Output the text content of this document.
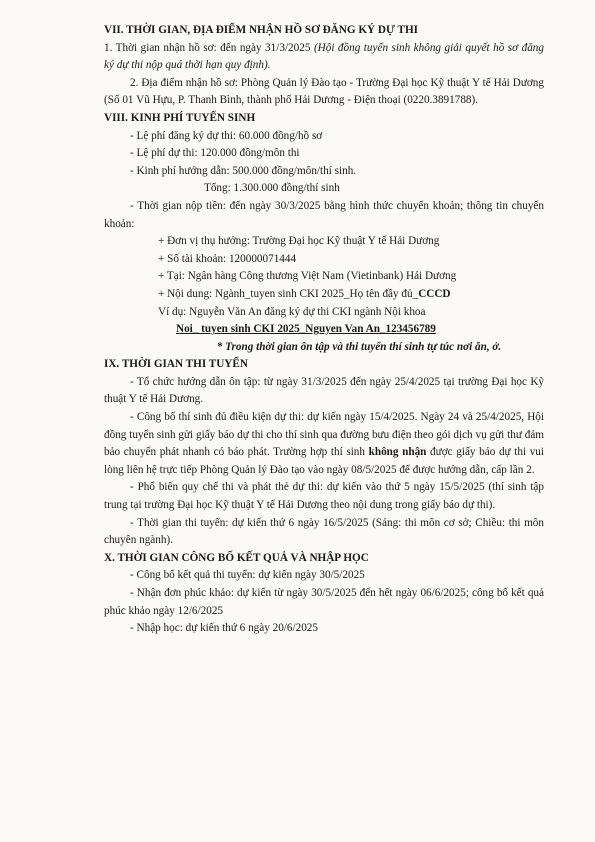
VII. THỜI GIAN, ĐỊA ĐIỂM NHẬN HỒ SƠ ĐĂNG KÝ DỰ THI

1. Thời gian nhận hồ sơ: đến ngày 31/3/2025 (Hội đồng tuyển sinh không giải quyết hồ sơ đăng ký dự thi nộp quá thời hạn quy định).

2. Địa điểm nhận hồ sơ: Phòng Quản lý Đào tạo - Trường Đại học Kỹ thuật Y tế Hải Dương (Số 01 Vũ Hựu, P. Thanh Bình, thành phố Hải Dương - Điện thoại (0220.3891788).

VIII. KINH PHÍ TUYỂN SINH

- Lệ phí đăng ký dự thi: 60.000 đồng/hồ sơ

- Lệ phí dự thi: 120.000 đồng/môn thi

- Kinh phí hướng dẫn: 500.000 đồng/môn/thí sinh.

Tổng: 1.300.000 đồng/thí sinh

- Thời gian nộp tiền: đến ngày 30/3/2025 bằng hình thức chuyển khoản; thông tin chuyển khoản:

+ Đơn vị thụ hưởng: Trường Đại học Kỹ thuật Y tế Hải Dương

+ Số tài khoản: 120000071444

+ Tại: Ngân hàng Công thương Việt Nam (Vietinbank) Hải Dương

+ Nội dung: Ngành_tuyen sinh CKI 2025_Họ tên đầy đủ_CCCD

Ví dụ: Nguyễn Văn An đăng ký dự thi CKI ngành Nội khoa

Noi_ tuyen sinh CKI 2025_Nguyen Van An_123456789

* Trong thời gian ôn tập và thi tuyển thí sinh tự túc nơi ăn, ở.

IX. THỜI GIAN THI TUYỂN

- Tổ chức hướng dẫn ôn tập: từ ngày 31/3/2025 đến ngày 25/4/2025 tại trường Đại học Kỹ thuật Y tế Hải Dương.

- Công bố thí sinh đủ điều kiện dự thi: dự kiến ngày 15/4/2025. Ngày 24 và 25/4/2025, Hội đồng tuyển sinh gửi giấy báo dự thi cho thí sinh qua đường bưu điện theo gói dịch vụ gửi thư đảm bảo chuyển phát nhanh có báo phát. Trường hợp thí sinh không nhận được giấy báo dự thi vui lòng liên hệ trực tiếp Phòng Quản lý Đào tạo vào ngày 08/5/2025 để được hướng dẫn, cấp lần 2.

- Phổ biến quy chế thi và phát thẻ dự thi: dự kiến vào thứ 5 ngày 15/5/2025 (thí sinh tập trung tại trường Đại học Kỹ thuật Y tế Hải Dương theo nội dung trong giấy báo dự thi).

- Thời gian thi tuyển: dự kiến thứ 6 ngày 16/5/2025 (Sáng: thi môn cơ sở; Chiều: thi môn chuyên ngành).

X. THỜI GIAN CÔNG BỐ KẾT QUẢ VÀ NHẬP HỌC

- Công bố kết quả thi tuyển: dự kiến ngày 30/5/2025

- Nhận đơn phúc khảo: dự kiến từ ngày 30/5/2025 đến hết ngày 06/6/2025; công bố kết quả phúc khảo ngày 12/6/2025

- Nhập học: dự kiến thứ 6 ngày 20/6/2025
